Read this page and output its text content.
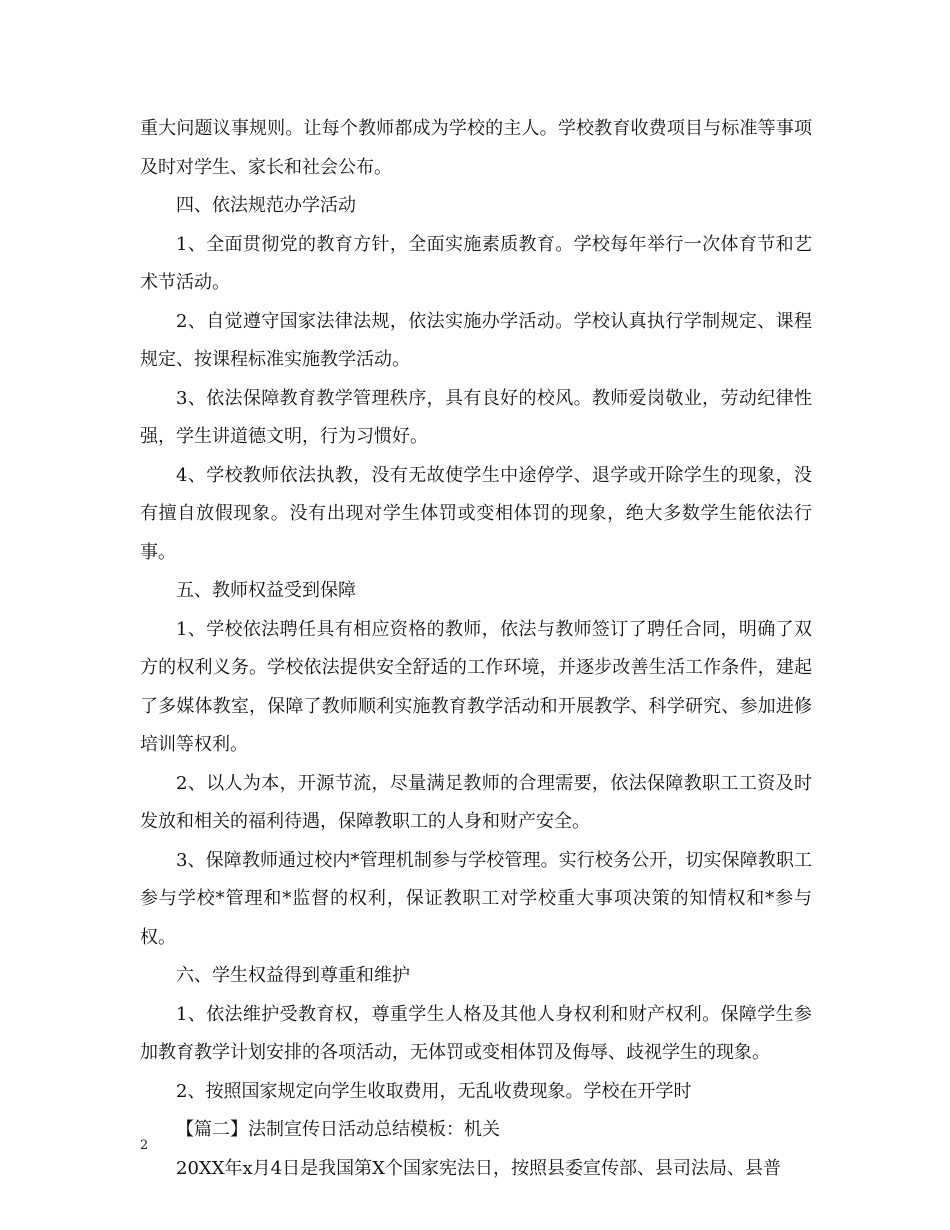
重大问题议事规则。让每个教师都成为学校的主人。学校教育收费项目与标准等事项及时对学生、家长和社会公布。

四、依法规范办学活动

1、全面贯彻党的教育方针，全面实施素质教育。学校每年举行一次体育节和艺术节活动。

2、自觉遵守国家法律法规，依法实施办学活动。学校认真执行学制规定、课程规定、按课程标准实施教学活动。

3、依法保障教育教学管理秩序，具有良好的校风。教师爱岗敬业，劳动纪律性强，学生讲道德文明，行为习惯好。

4、学校教师依法执教，没有无故使学生中途停学、退学或开除学生的现象，没有擅自放假现象。没有出现对学生体罚或变相体罚的现象，绝大多数学生能依法行事。

五、教师权益受到保障

1、学校依法聘任具有相应资格的教师，依法与教师签订了聘任合同，明确了双方的权利义务。学校依法提供安全舒适的工作环境，并逐步改善生活工作条件，建起了多媒体教室，保障了教师顺利实施教育教学活动和开展教学、科学研究、参加进修培训等权利。

2、以人为本，开源节流，尽量满足教师的合理需要，依法保障教职工工资及时发放和相关的福利待遇，保障教职工的人身和财产安全。

3、保障教师通过校内*管理机制参与学校管理。实行校务公开，切实保障教职工参与学校*管理和*监督的权利，保证教职工对学校重大事项决策的知情权和*参与权。

六、学生权益得到尊重和维护

1、依法维护受教育权，尊重学生人格及其他人身权利和财产权利。保障学生参加教育教学计划安排的各项活动，无体罚或变相体罚及侮辱、歧视学生的现象。

2、按照国家规定向学生收取费用，无乱收费现象。学校在开学时

【篇二】法制宣传日活动总结模板：机关

20XX年x月4日是我国第X个国家宪法日，按照县委宣传部、县司法局、县普

2
